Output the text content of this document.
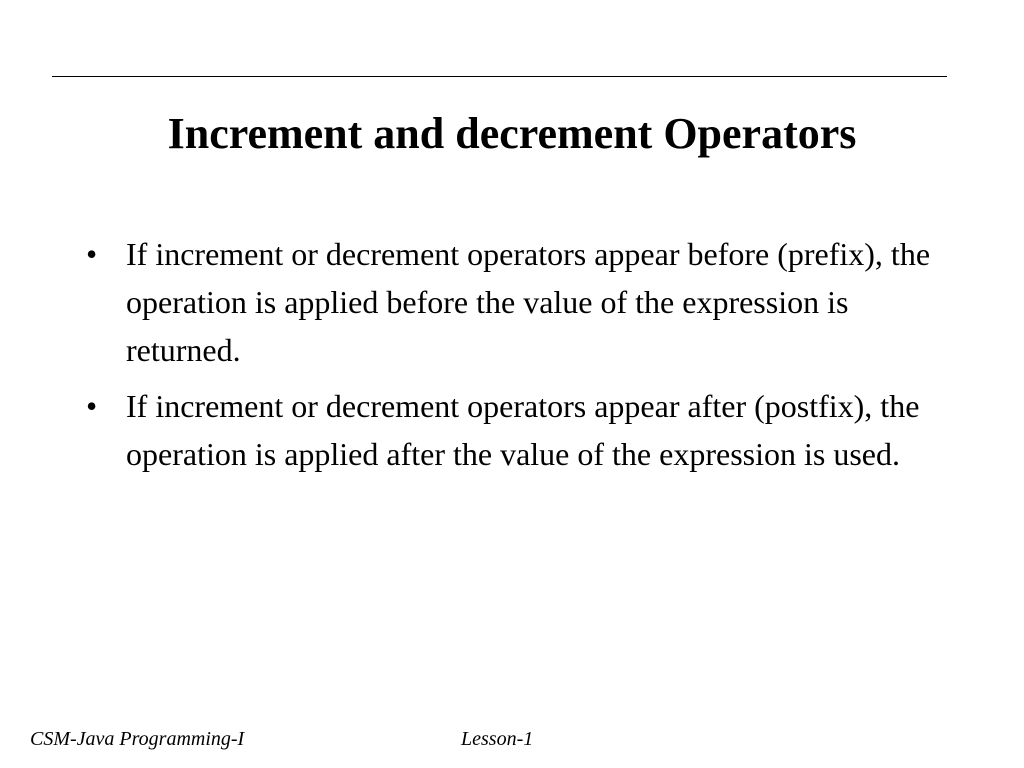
Increment and decrement Operators
• If increment or decrement operators appear before (prefix), the operation is applied before the value of the expression is returned.
• If increment or decrement operators appear after (postfix), the operation is applied after the value of the expression is used.
CSM-Java Programming-I	Lesson-1
